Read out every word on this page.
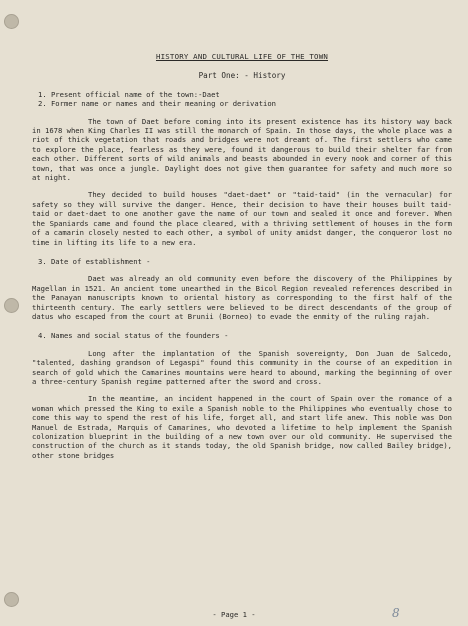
HISTORY AND CULTURAL LIFE OF THE TOWN
Part One: - History
1. Present official name of the town:-Daet
2. Former name or names and their meaning or derivation

The town of Daet before coming into its present existence has its history way back in 1678 when King Charles II was still the monarch of Spain. In those days, the whole place was a riot of thick vegetation that roads and bridges were not dreamt of. The first settlers who came to explore the place, fearless as they were, found it dangerous to build their shelter far from each other. Different sorts of wild animals and beasts abounded in every nook and corner of this town, that was once a jungle. Daylight does not give them guarantee for safety and much more so at night.

They decided to build houses "daet-daet" or "taid-taid" (in the vernacular) for safety so they will survive the danger. Hence, their decision to have their houses built taid-taid or daet-daet to one another gave the name of our town and sealed it once and forever. When the Spaniards came and found the place cleared, with a thriving settlement of houses in the form of a camarin closely nested to each other, a symbol of unity amidst danger, the conqueror lost no time in lifting its life to a new era.

3. Date of establishment -

Daet was already an old community even before the discovery of the Philippines by Magellan in 1521. An ancient tome unearthed in the Bicol Region revealed references described in the Panayan manuscripts known to oriental history as corresponding to the first half of the thirteenth century. The early settlers were believed to be direct descendants of the group of datus who escaped from the court at Brunii (Borneo) to evade the enmity of the ruling rajah.

4. Names and social status of the founders -

Long after the implantation of the Spanish sovereignty, Don Juan de Salcedo, "talented, dashing grandson of Legaspi" found this community in the course of an expedition in search of gold which the Camarines mountains were heard to abound, marking the beginning of over a three-century Spanish regime patterned after the sword and cross.

In the meantime, an incident happened in the court of Spain over the romance of a woman which pressed the King to exile a Spanish noble to the Philippines who eventually chose to come this way to spend the rest of his life, forget all, and start life anew. This noble was Don Manuel de Estrada, Marquis of Camarines, who devoted a lifetime to help implement the Spanish colonization blueprint in the building of a new town over our old community. He supervised the construction of the church as it stands today, the old Spanish bridge, now called Bailey bridge), other stone bridges

- Page 1 -	8
